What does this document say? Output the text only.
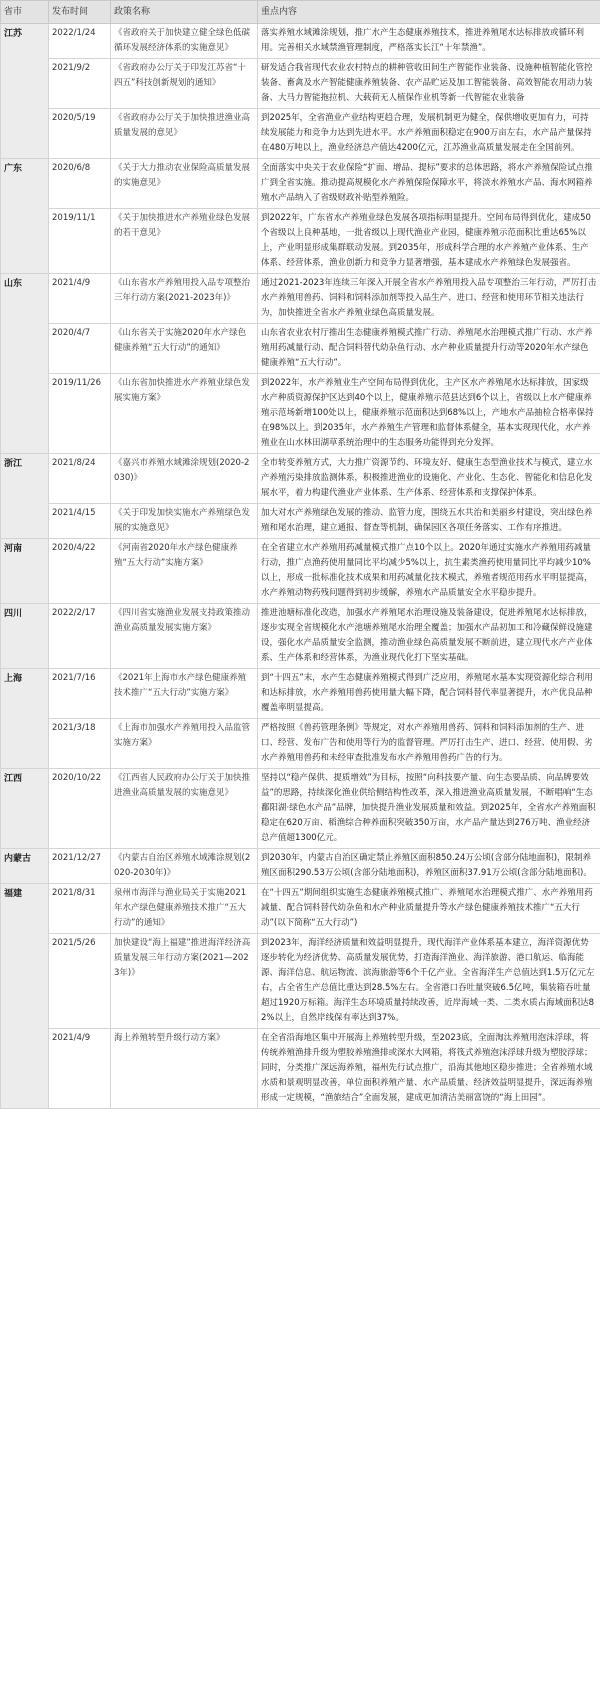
省市	发布时间	政策名称	重点内容
江苏	2022/1/24	《省政府关于加快建立健全绿色低碳循环发展经济体系的实施意见》	落实养殖水域滩涂规划，推广水产生态健康养殖技术，推进养殖尾水达标排放或循环利用。完善相关水域禁渔管理制度，严格落实长江“十年禁渔”。
	2021/9/2	《省政府办公厅关于印发江苏省“十四五”科技创新规划的通知》	研发适合我省现代农业农村特点的耕种管收田间生产智能作业装备、设施种植智能化管控装备、畜禽及水产智能健康养殖装备、农产品贮运及加工智能装备、高效智能农用动力装备、大马力智能拖拉机、大载荷无人植保作业机等新一代智能农业装备
	2020/5/19	《省政府办公厅关于加快推进渔业高质量发展的意见》	到2025年，全省渔业产业结构更趋合理，发展机制更为健全，保供增收更加有力，可持续发展能力和竞争力达到先进水平。水产养殖面积稳定在900万亩左右，水产品产量保持在480万吨以上，渔业经济总产值达4200亿元，江苏渔业高质量发展走在全国前列。
广东	2020/6/8	《关于大力推动农业保险高质量发展的实施意见》	全面落实中央关于农业保险“扩面、增品、提标”要求的总体思路，将水产养殖保险试点推广到全省实施。推动提高规模化水产养殖保险保障水平，将淡水养殖水产品、海水网箱养殖水产品纳入了省级财政补贴型养殖险。
	2019/11/1	《关于加快推进水产养殖业绿色发展的若干意见》	到2022年，广东省水产养殖业绿色发展各项指标明显提升。空间布局得到优化，建成50个省级以上良种基地，一批省级以上现代渔业产业园，健康养殖示范面积比重达65%以上，产业明显形成集群联动发展。到2035年，形成科学合理的水产养殖产业体系、生产体系、经营体系，渔业创新力和竞争力显著增强，基本建成水产养殖绿色发展强省。
山东	2021/4/9	《山东省水产养殖用投入品专项整治三年行动方案(2021-2023年)》	通过2021-2023年连续三年深入开展全省水产养殖用投入品专项整治三年行动，严厉打击水产养殖用兽药、饲料和饲料添加剂等投入品生产、进口、经营和使用环节相关违法行为，加快推进全省水产养殖业绿色高质量发展。
	2020/4/7	《山东省关于实施2020年水产绿色健康养殖“五大行动”的通知》	山东省农业农村厅推出生态健康养殖模式推广行动、养殖尾水治理模式推广行动、水产养殖用药减量行动、配合饲料替代幼杂鱼行动、水产种业质量提升行动等2020年水产绿色健康养殖“五大行动”。
	2019/11/26	《山东省加快推进水产养殖业绿色发展实施方案》	到2022年，水产养殖业生产空间布局得到优化，主产区水产养殖尾水达标排放，国家级水产种质资源保护区达到40个以上，健康养殖示范县达到6个以上，省级以上水产健康养殖示范场新增100处以上，健康养殖示范面积达到68%以上，产地水产品抽检合格率保持在98%以上。到2035年，水产养殖生产管理和监督体系健全，基本实现现代化，水产养殖业在山水林田湖草系统治理中的生态服务功能得到充分发挥。
浙江	2021/8/24	《嘉兴市养殖水域滩涂规划(2020-2030)》	全市转变养殖方式，大力推广资源节约、环境友好、健康生态型渔业技术与模式，建立水产养殖污染排放监测体系，积极推进渔业的设施化、产业化、生态化、智能化和信息化发展水平，着力构建代渔业产业体系、生产体系、经营体系和支撑保护体系。
	2021/4/15	《关于印发加快实施水产养殖绿色发展的实施意见》	加大对水产养殖绿色发展的推动、监管力度，围绕五水共治和美丽乡村建设，突出绿色养殖和尾水治理，建立通报、督查等机制，确保园区各项任务落实、工作有序推进。
河南	2020/4/22	《河南省2020年水产绿色健康养殖“五大行动”实施方案》	在全省建立水产养殖用药减量模式推广点10个以上。2020年通过实施水产养殖用药减量行动，推广点渔药使用量同比平均减少5%以上，抗生素类渔药使用量同比平均减少10%以上，形成一批标准化技术成果和用药减量化技术模式，养殖者规范用药水平明显提高，水产养殖动物药残问题得到初步缓解，养殖水产品质量安全水平稳步提升。
四川	2022/2/17	《四川省实施渔业发展支持政策推动渔业高质量发展实施方案》	推进池塘标准化改造，加强水产养殖尾水治理设施及装备建设，促进养殖尾水达标排放，逐步实现全省规模化水产池塘养殖尾水治理全覆盖；加强水产品初加工和冷藏保鲜设施建设，强化水产品质量安全监测，推动渔业绿色高质量发展不断前进，建立现代水产产业体系、生产体系和经营体系，为渔业现代化打下坚实基础。
上海	2021/7/16	《2021年上海市水产绿色健康养殖技术推广“五大行动”实施方案》	到“十四五”末，水产生态健康养殖模式得到广泛应用，养殖尾水基本实现资源化综合利用和达标排放，水产养殖用兽药使用量大幅下降，配合饲料替代率显著提升，水产优良品种覆盖率明显提高。
	2021/3/18	《上海市加强水产养殖用投入品监管实施方案》	严格按照《兽药管理条例》等规定，对水产养殖用兽药、饲料和饲料添加剂的生产、进口、经营、发布广告和使用等行为的监督管理。严厉打击生产、进口、经营、使用假、劣水产养殖用兽药和未经审查批准发布水产养殖用兽药广告的行为。
江西	2020/10/22	《江西省人民政府办公厅关于加快推进渔业高质量发展的实施意见》	坚持以“稳产保供、提质增效”为目标，按照“向科技要产量、向生态要品质、向品牌要效益”的思路，持续深化渔业供给侧结构性改革，深入推进渔业高质量发展，不断唱响“生态鄱阳湖·绿色水产品”品牌，加快提升渔业发展质量和效益。到2025年，全省水产养殖面积稳定在620万亩、稻渔综合种养面积突破350万亩，水产品产量达到276万吨、渔业经济总产值超1300亿元。
内蒙古	2021/12/27	《内蒙古自治区养殖水域滩涂规划(2020-2030年)》	到2030年，内蒙古自治区确定禁止养殖区面积850.24万公顷(含部分陆地面积)，限制养殖区面积290.53万公顷(含部分陆地面积)，养殖区面积37.91万公顷(含部分陆地面积)。
福建	2021/8/31	泉州市海洋与渔业局关于实施2021年水产绿色健康养殖技术推广“五大行动”的通知》	在“十四五”期间组织实施生态健康养殖模式推广、养殖尾水治理模式推广、水产养殖用药减量、配合饲料替代幼杂鱼和水产种业质量提升等水产绿色健康养殖技术推广“五大行动”(以下简称“五大行动”)
	2021/5/26	加快建设“海上福建”推进海洋经济高质量发展三年行动方案(2021—2023年)》	到2023年，海洋经济质量和效益明显提升，现代海洋产业体系基本建立，海洋资源优势逐步转化为经济优势、高质量发展优势，打造海洋渔业、海洋旅游、港口航运、临海能源、海洋信息、航运物流、滨海旅游等6个千亿产业。全省海洋生产总值达到1.5万亿元左右，占全省生产总值比重达到28.5%左右。全省港口吞吐量突破6.5亿吨，集装箱吞吐量超过1920万标箱。海洋生态环境质量持续改善，近岸海域一类、二类水质占海域面积达82%以上，自然岸线保有率达到37%。
	2021/4/9	海上养殖转型升级行动方案》	在全省沿海地区集中开展海上养殖转型升级，至2023底，全面淘汰养殖用泡沫浮球，将传统养殖渔排升级为塑胶养殖渔排或深水大网箱，将筏式养殖泡沫浮球升级为塑胶浮球；同时，分类推广深远海养殖，福州先行试点推广，沿海其他地区稳步推进；全省养殖水域水质和景观明显改善，单位面积养殖产量、水产品质量、经济效益明显提升，深远海养殖形成一定规模，“渔旅结合”全面发展，建成更加清洁美丽富饶的“海上田园”。
